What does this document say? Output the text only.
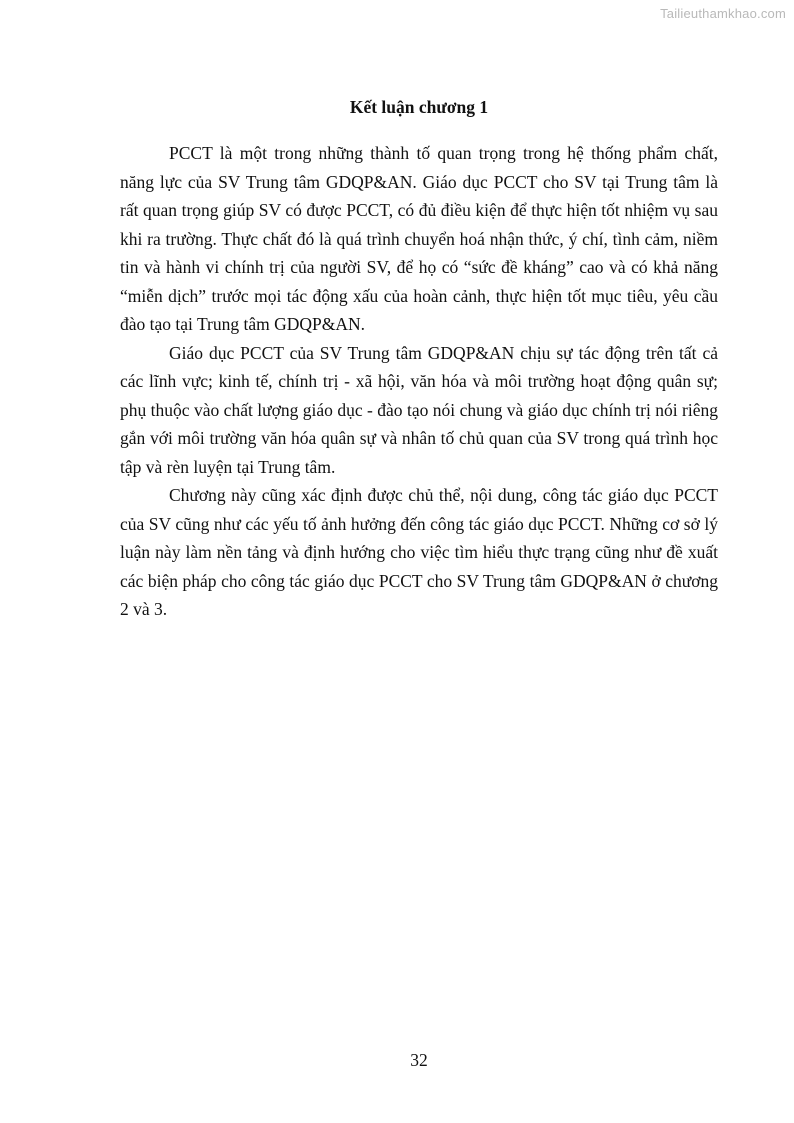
Tailieuthamkhao.com
Kết luận chương 1

PCCT là một trong những thành tố quan trọng trong hệ thống phẩm chất, năng lực của SV Trung tâm GDQP&AN. Giáo dục PCCT cho SV tại Trung tâm là rất quan trọng giúp SV có được PCCT, có đủ điều kiện để thực hiện tốt nhiệm vụ sau khi ra trường. Thực chất đó là quá trình chuyển hoá nhận thức, ý chí, tình cảm, niềm tin và hành vi chính trị của người SV, để họ có “sức đề kháng” cao và có khả năng “miễn dịch” trước mọi tác động xấu của hoàn cảnh, thực hiện tốt mục tiêu, yêu cầu đào tạo tại Trung tâm GDQP&AN.

Giáo dục PCCT của SV Trung tâm GDQP&AN chịu sự tác động trên tất cả các lĩnh vực; kinh tế, chính trị - xã hội, văn hóa và môi trường hoạt động quân sự; phụ thuộc vào chất lượng giáo dục - đào tạo nói chung và giáo dục chính trị nói riêng gắn với môi trường văn hóa quân sự và nhân tố chủ quan của SV trong quá trình học tập và rèn luyện tại Trung tâm.

Chương này cũng xác định được chủ thể, nội dung, công tác giáo dục PCCT của SV cũng như các yếu tố ảnh hưởng đến công tác giáo dục PCCT. Những cơ sở lý luận này làm nền tảng và định hướng cho việc tìm hiểu thực trạng cũng như đề xuất các biện pháp cho công tác giáo dục PCCT cho SV Trung tâm GDQP&AN ở chương 2 và 3.

32
